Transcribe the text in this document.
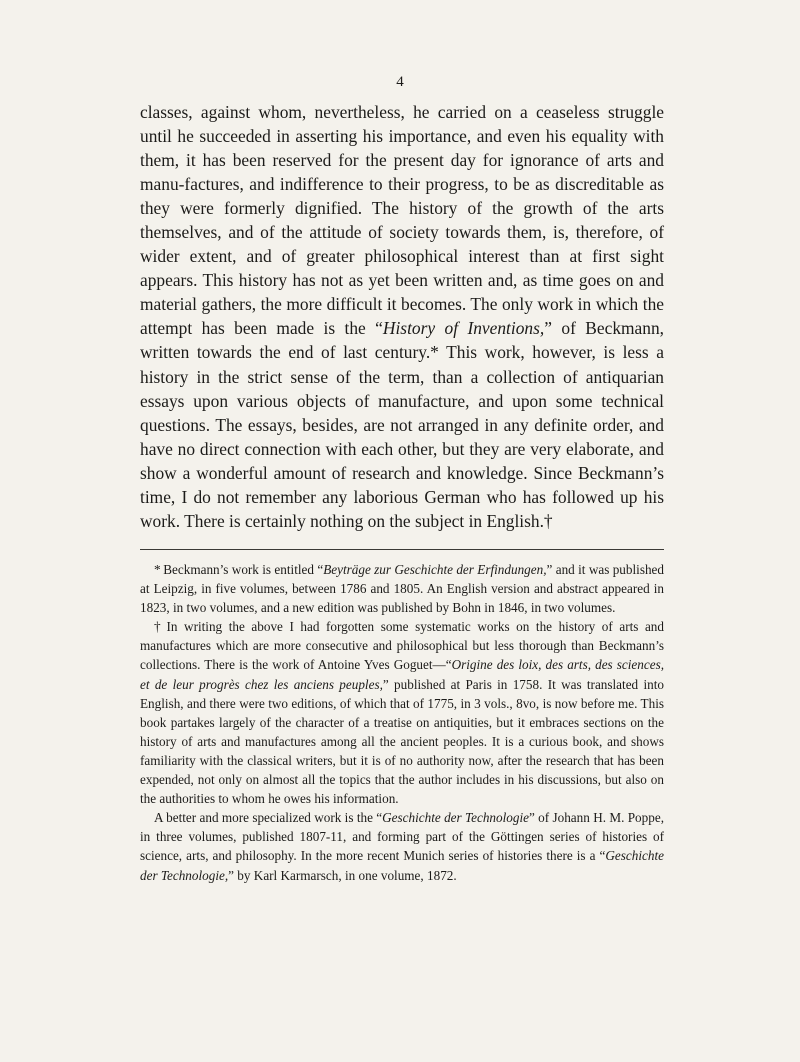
4

classes, against whom, nevertheless, he carried on a ceaseless struggle until he succeeded in asserting his importance, and even his equality with them, it has been reserved for the present day for ignorance of arts and manu-factures, and indifference to their progress, to be as discreditable as they were formerly dignified. The history of the growth of the arts themselves, and of the attitude of society towards them, is, therefore, of wider extent, and of greater philosophical interest than at first sight appears. This history has not as yet been written and, as time goes on and material gathers, the more difficult it becomes. The only work in which the attempt has been made is the “History of Inventions,” of Beckmann, written towards the end of last century.* This work, however, is less a history in the strict sense of the term, than a collection of antiquarian essays upon various objects of manufacture, and upon some technical questions. The essays, besides, are not arranged in any definite order, and have no direct connection with each other, but they are very elaborate, and show a wonderful amount of research and knowledge. Since Beckmann’s time, I do not remember any laborious German who has followed up his work. There is certainly nothing on the subject in English.†

* Beckmann’s work is entitled “Beyträge zur Geschichte der Erfindungen,” and it was published at Leipzig, in five volumes, between 1786 and 1805. An English version and abstract appeared in 1823, in two volumes, and a new edition was published by Bohn in 1846, in two volumes.

† In writing the above I had forgotten some systematic works on the history of arts and manufactures which are more consecutive and philosophical but less thorough than Beckmann’s collections. There is the work of Antoine Yves Goguet—“Origine des loix, des arts, des sciences, et de leur progrès chez les anciens peuples,” published at Paris in 1758. It was translated into English, and there were two editions, of which that of 1775, in 3 vols., 8vo, is now before me. This book partakes largely of the character of a treatise on antiquities, but it embraces sections on the history of arts and manufactures among all the ancient peoples. It is a curious book, and shows familiarity with the classical writers, but it is of no authority now, after the research that has been expended, not only on almost all the topics that the author includes in his discussions, but also on the authorities to whom he owes his information.

A better and more specialized work is the “Geschichte der Technologie” of Johann H. M. Poppe, in three volumes, published 1807-11, and forming part of the Göttingen series of histories of science, arts, and philosophy. In the more recent Munich series of histories there is a “Geschichte der Technologie,” by Karl Karmarsch, in one volume, 1872.
